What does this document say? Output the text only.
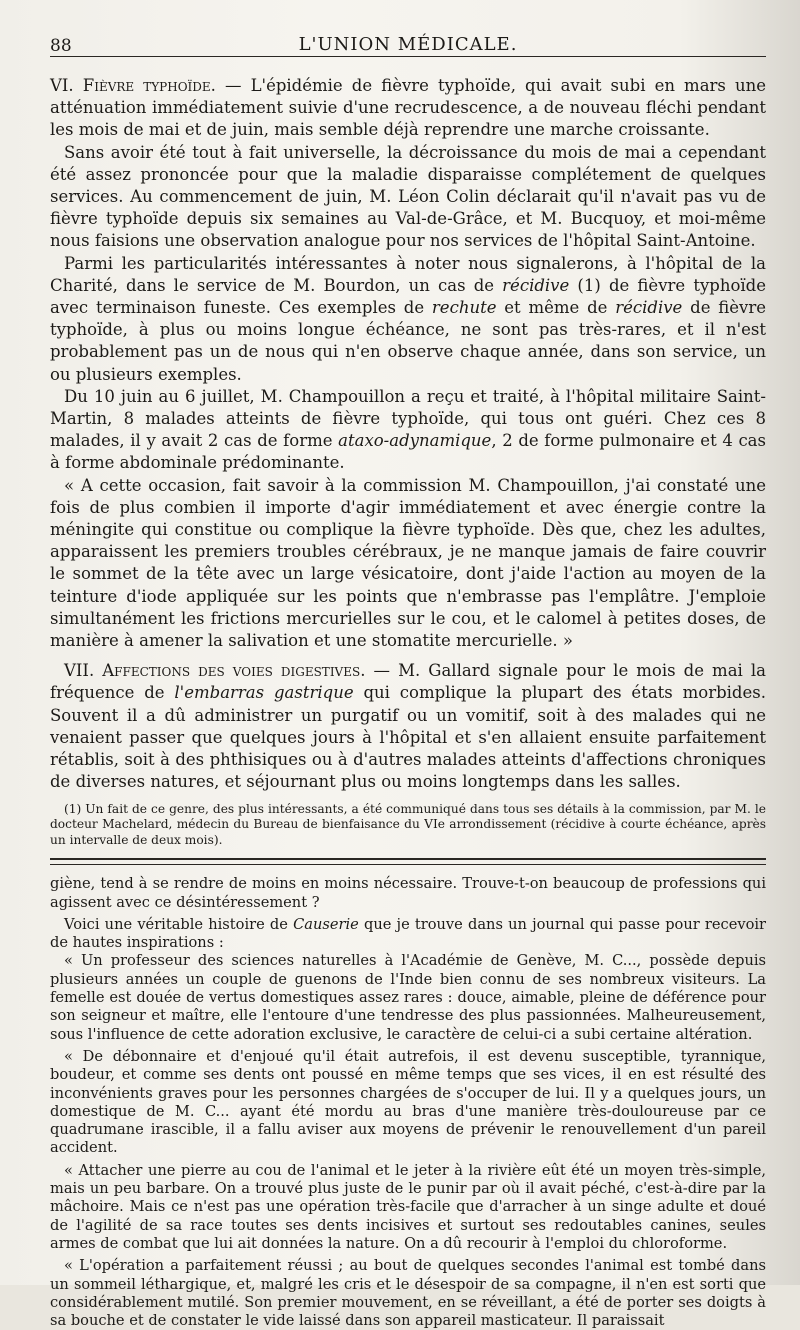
88	L'UNION MÉDICALE.

VI. Fièvre typhoïde. — L'épidémie de fièvre typhoïde, qui avait subi en mars une atténuation immédiatement suivie d'une recrudescence, a de nouveau fléchi pendant les mois de mai et de juin, mais semble déjà reprendre une marche croissante.

Sans avoir été tout à fait universelle, la décroissance du mois de mai a cependant été assez prononcée pour que la maladie disparaisse complétement de quelques services. Au commencement de juin, M. Léon Colin déclarait qu'il n'avait pas vu de fièvre typhoïde depuis six semaines au Val-de-Grâce, et M. Bucquoy, et moi-même nous faisions une observation analogue pour nos services de l'hôpital Saint-Antoine.

Parmi les particularités intéressantes à noter nous signalerons, à l'hôpital de la Charité, dans le service de M. Bourdon, un cas de récidive (1) de fièvre typhoïde avec terminaison funeste. Ces exemples de rechute et même de récidive de fièvre typhoïde, à plus ou moins longue échéance, ne sont pas très-rares, et il n'est probablement pas un de nous qui n'en observe chaque année, dans son service, un ou plusieurs exemples.

Du 10 juin au 6 juillet, M. Champouillon a reçu et traité, à l'hôpital militaire Saint-Martin, 8 malades atteints de fièvre typhoïde, qui tous ont guéri. Chez ces 8 malades, il y avait 2 cas de forme ataxo-adynamique, 2 de forme pulmonaire et 4 cas à forme abdominale prédominante.

« A cette occasion, fait savoir à la commission M. Champouillon, j'ai constaté une fois de plus combien il importe d'agir immédiatement et avec énergie contre la méningite qui constitue ou complique la fièvre typhoïde. Dès que, chez les adultes, apparaissent les premiers troubles cérébraux, je ne manque jamais de faire couvrir le sommet de la tête avec un large vésicatoire, dont j'aide l'action au moyen de la teinture d'iode appliquée sur les points que n'embrasse pas l'emplâtre. J'emploie simultanément les frictions mercurielles sur le cou, et le calomel à petites doses, de manière à amener la salivation et une stomatite mercurielle. »

VII. Affections des voies digestives. — M. Gallard signale pour le mois de mai la fréquence de l'embarras gastrique qui complique la plupart des états morbides. Souvent il a dû administrer un purgatif ou un vomitif, soit à des malades qui ne venaient passer que quelques jours à l'hôpital et s'en allaient ensuite parfaitement rétablis, soit à des phthisiques ou à d'autres malades atteints d'affections chroniques de diverses natures, et séjournant plus ou moins longtemps dans les salles.

(1) Un fait de ce genre, des plus intéressants, a été communiqué dans tous ses détails à la commission, par M. le docteur Machelard, médecin du Bureau de bienfaisance du VIe arrondissement (récidive à courte échéance, après un intervalle de deux mois).

giène, tend à se rendre de moins en moins nécessaire. Trouve-t-on beaucoup de professions qui agissent avec ce désintéressement ?

Voici une véritable histoire de Causerie que je trouve dans un journal qui passe pour recevoir de hautes inspirations :

« Un professeur des sciences naturelles à l'Académie de Genève, M. C..., possède depuis plusieurs années un couple de guenons de l'Inde bien connu de ses nombreux visiteurs. La femelle est douée de vertus domestiques assez rares : douce, aimable, pleine de déférence pour son seigneur et maître, elle l'entoure d'une tendresse des plus passionnées. Malheureusement, sous l'influence de cette adoration exclusive, le caractère de celui-ci a subi certaine altération.

« De débonnaire et d'enjoué qu'il était autrefois, il est devenu susceptible, tyrannique, boudeur, et comme ses dents ont poussé en même temps que ses vices, il en est résulté des inconvénients graves pour les personnes chargées de s'occuper de lui. Il y a quelques jours, un domestique de M. C... ayant été mordu au bras d'une manière très-douloureuse par ce quadrumane irascible, il a fallu aviser aux moyens de prévenir le renouvellement d'un pareil accident.

« Attacher une pierre au cou de l'animal et le jeter à la rivière eût été un moyen très-simple, mais un peu barbare. On a trouvé plus juste de le punir par où il avait péché, c'est-à-dire par la mâchoire. Mais ce n'est pas une opération très-facile que d'arracher à un singe adulte et doué de l'agilité de sa race toutes ses dents incisives et surtout ses redoutables canines, seules armes de combat que lui ait données la nature. On a dû recourir à l'emploi du chloroforme.

« L'opération a parfaitement réussi ; au bout de quelques secondes l'animal est tombé dans un sommeil léthargique, et, malgré les cris et le désespoir de sa compagne, il n'en est sorti que considérablement mutilé. Son premier mouvement, en se réveillant, a été de porter ses doigts à sa bouche et de constater le vide laissé dans son appareil masticateur. Il paraissait
